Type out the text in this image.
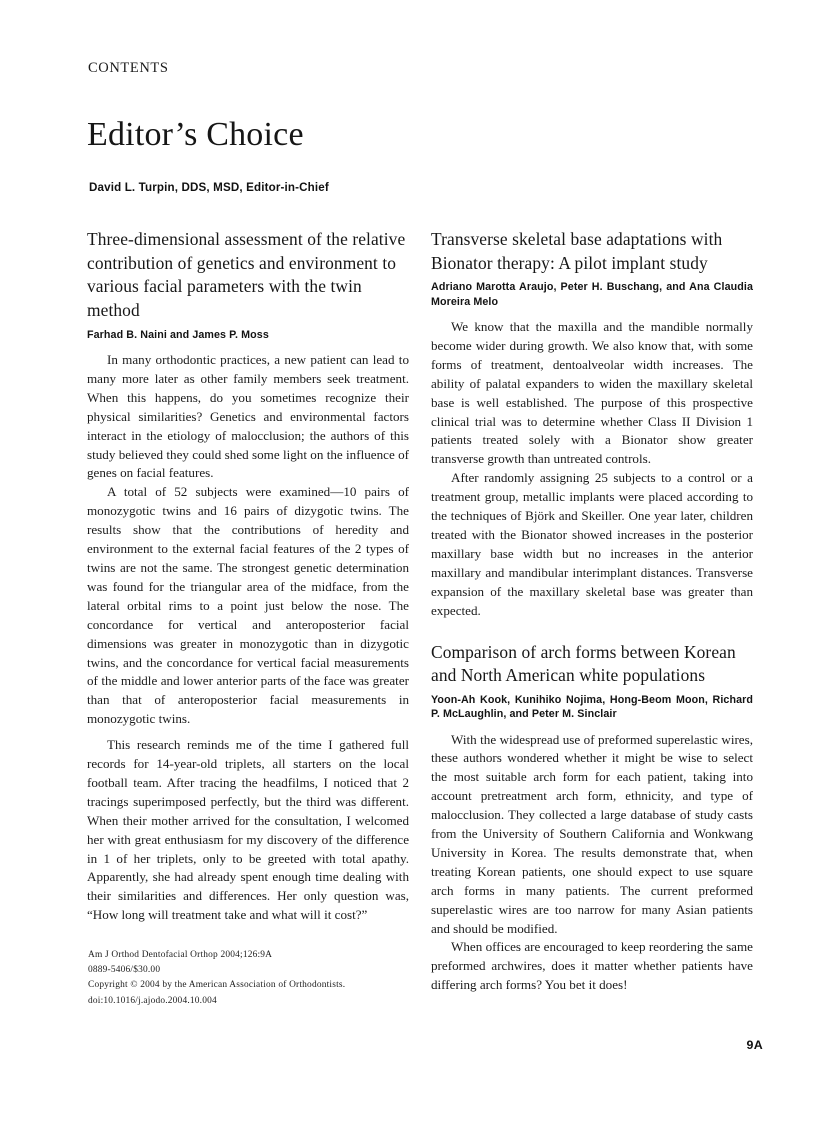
CONTENTS
Editor’s Choice
David L. Turpin, DDS, MSD, Editor-in-Chief
Three-dimensional assessment of the relative contribution of genetics and environment to various facial parameters with the twin method
Farhad B. Naini and James P. Moss

In many orthodontic practices, a new patient can lead to many more later as other family members seek treatment. When this happens, do you sometimes recognize their physical similarities? Genetics and environmental factors interact in the etiology of malocclusion; the authors of this study believed they could shed some light on the influence of genes on facial features.

A total of 52 subjects were examined—10 pairs of monozygotic twins and 16 pairs of dizygotic twins. The results show that the contributions of heredity and environment to the external facial features of the 2 types of twins are not the same. The strongest genetic determination was found for the triangular area of the midface, from the lateral orbital rims to a point just below the nose. The concordance for vertical and anteroposterior facial dimensions was greater in monozygotic than in dizygotic twins, and the concordance for vertical facial measurements of the middle and lower anterior parts of the face was greater than that of anteroposterior facial measurements in monozygotic twins.

This research reminds me of the time I gathered full records for 14-year-old triplets, all starters on the local football team. After tracing the headfilms, I noticed that 2 tracings superimposed perfectly, but the third was different. When their mother arrived for the consultation, I welcomed her with great enthusiasm for my discovery of the difference in 1 of her triplets, only to be greeted with total apathy. Apparently, she had already spent enough time dealing with their similarities and differences. Her only question was, “How long will treatment take and what will it cost?”

Transverse skeletal base adaptations with Bionator therapy: A pilot implant study
Adriano Marotta Araujo, Peter H. Buschang, and Ana Claudia Moreira Melo

We know that the maxilla and the mandible normally become wider during growth. We also know that, with some forms of treatment, dentoalveolar width increases. The ability of palatal expanders to widen the maxillary skeletal base is well established. The purpose of this prospective clinical trial was to determine whether Class II Division 1 patients treated solely with a Bionator show greater transverse growth than untreated controls.

After randomly assigning 25 subjects to a control or a treatment group, metallic implants were placed according to the techniques of Björk and Skeiller. One year later, children treated with the Bionator showed increases in the posterior maxillary base width but no increases in the anterior maxillary and mandibular interimplant distances. Transverse expansion of the maxillary skeletal base was greater than expected.

Comparison of arch forms between Korean and North American white populations
Yoon-Ah Kook, Kunihiko Nojima, Hong-Beom Moon, Richard P. McLaughlin, and Peter M. Sinclair

With the widespread use of preformed superelastic wires, these authors wondered whether it might be wise to select the most suitable arch form for each patient, taking into account pretreatment arch form, ethnicity, and type of malocclusion. They collected a large database of study casts from the University of Southern California and Wonkwang University in Korea. The results demonstrate that, when treating Korean patients, one should expect to use square arch forms in many patients. The current preformed superelastic wires are too narrow for many Asian patients and should be modified.

When offices are encouraged to keep reordering the same preformed archwires, does it matter whether patients have differing arch forms? You bet it does!

Am J Orthod Dentofacial Orthop 2004;126:9A
0889-5406/$30.00
Copyright © 2004 by the American Association of Orthodontists.
doi:10.1016/j.ajodo.2004.10.004
9A
